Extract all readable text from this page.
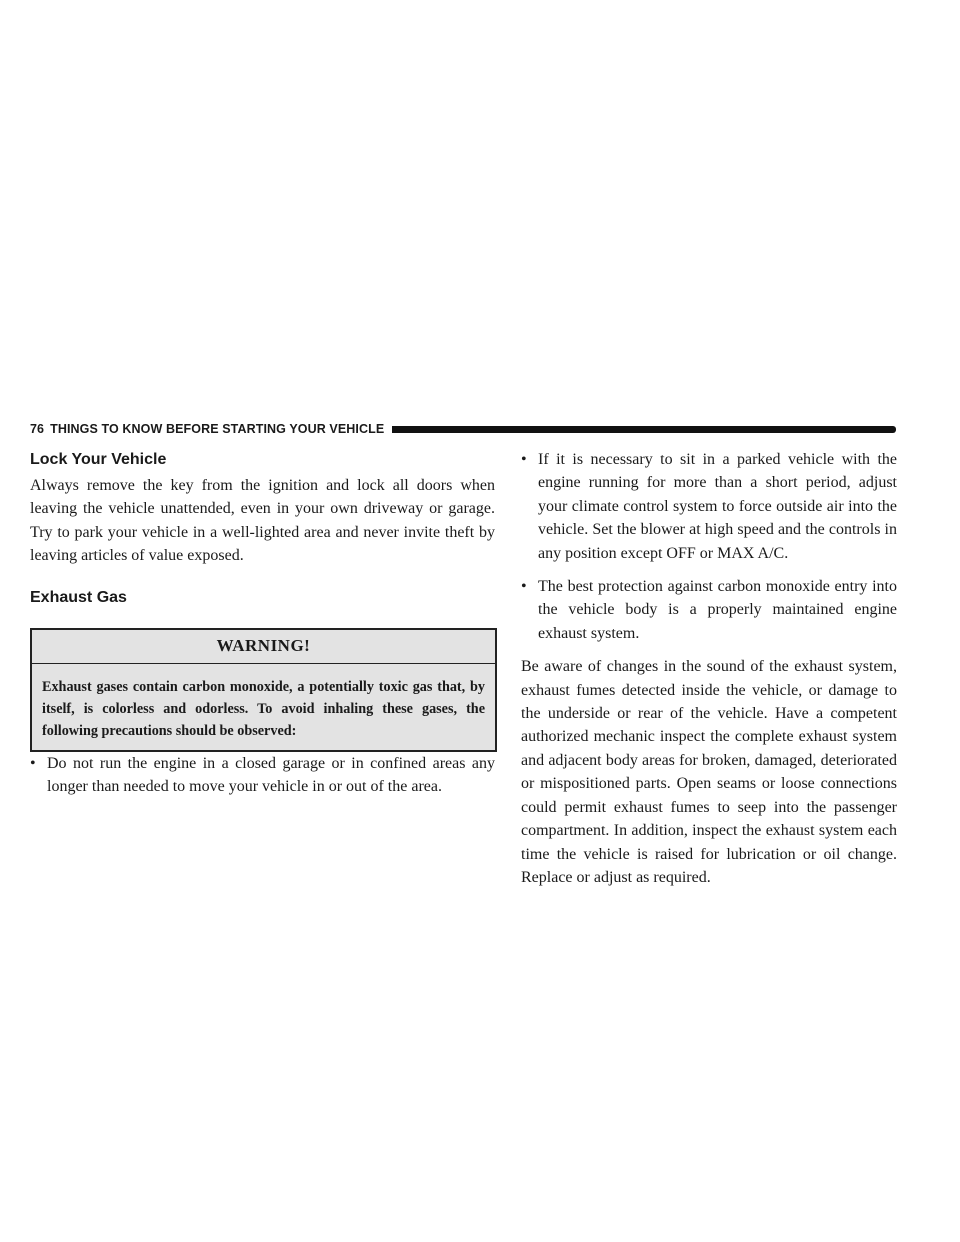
76 THINGS TO KNOW BEFORE STARTING YOUR VEHICLE
Lock Your Vehicle

Always remove the key from the ignition and lock all doors when leaving the vehicle unattended, even in your own driveway or garage. Try to park your vehicle in a well-lighted area and never invite theft by leaving articles of value exposed.

Exhaust Gas
WARNING!
Exhaust gases contain carbon monoxide, a potentially toxic gas that, by itself, is colorless and odorless. To avoid inhaling these gases, the following precautions should be observed:
• Do not run the engine in a closed garage or in confined areas any longer than needed to move your vehicle in or out of the area.
• If it is necessary to sit in a parked vehicle with the engine running for more than a short period, adjust your climate control system to force outside air into the vehicle. Set the blower at high speed and the controls in any position except OFF or MAX A/C.
• The best protection against carbon monoxide entry into the vehicle body is a properly maintained engine exhaust system.

Be aware of changes in the sound of the exhaust system, exhaust fumes detected inside the vehicle, or damage to the underside or rear of the vehicle. Have a competent authorized mechanic inspect the complete exhaust system and adjacent body areas for broken, damaged, deteriorated or mispositioned parts. Open seams or loose connections could permit exhaust fumes to seep into the passenger compartment. In addition, inspect the exhaust system each time the vehicle is raised for lubrication or oil change. Replace or adjust as required.
